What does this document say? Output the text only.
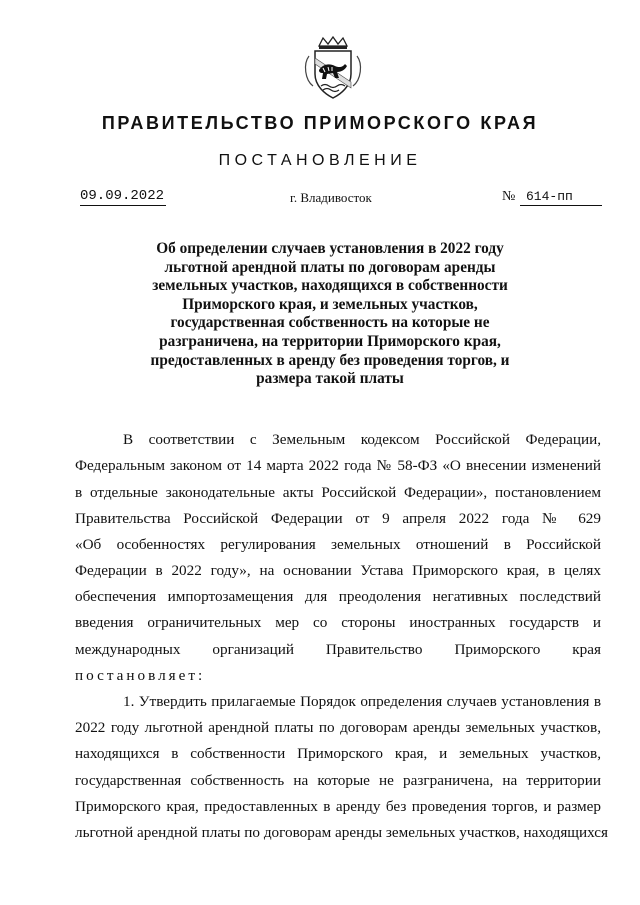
ПРАВИТЕЛЬСТВО ПРИМОРСКОГО КРАЯ
ПОСТАНОВЛЕНИЕ
09.09.2022	г. Владивосток	№ 614-пп
Об определении случаев установления в 2022 году
льготной арендной платы по договорам аренды
земельных участков, находящихся в собственности
Приморского края, и земельных участков,
государственная собственность на которые не
разграничена, на территории Приморского края,
предоставленных в аренду без проведения торгов, и
размера такой платы
В соответствии с Земельным кодексом Российской Федерации,
Федеральным законом от 14 марта 2022 года № 58-ФЗ «О внесении изменений
в отдельные законодательные акты Российской Федерации», постановлением
Правительства Российской Федерации от 9 апреля 2022 года № 629
«Об особенностях регулирования земельных отношений в Российской
Федерации в 2022 году», на основании Устава Приморского края, в целях
обеспечения импортозамещения для преодоления негативных последствий
введения ограничительных мер со стороны иностранных государств и
международных организаций Правительство Приморского края
постановляет:
1. Утвердить прилагаемые Порядок определения случаев установления в
2022 году льготной арендной платы по договорам аренды земельных участков,
находящихся в собственности Приморского края, и земельных участков,
государственная собственность на которые не разграничена, на территории
Приморского края, предоставленных в аренду без проведения торгов, и размер
льготной арендной платы по договорам аренды земельных участков, находящихся
